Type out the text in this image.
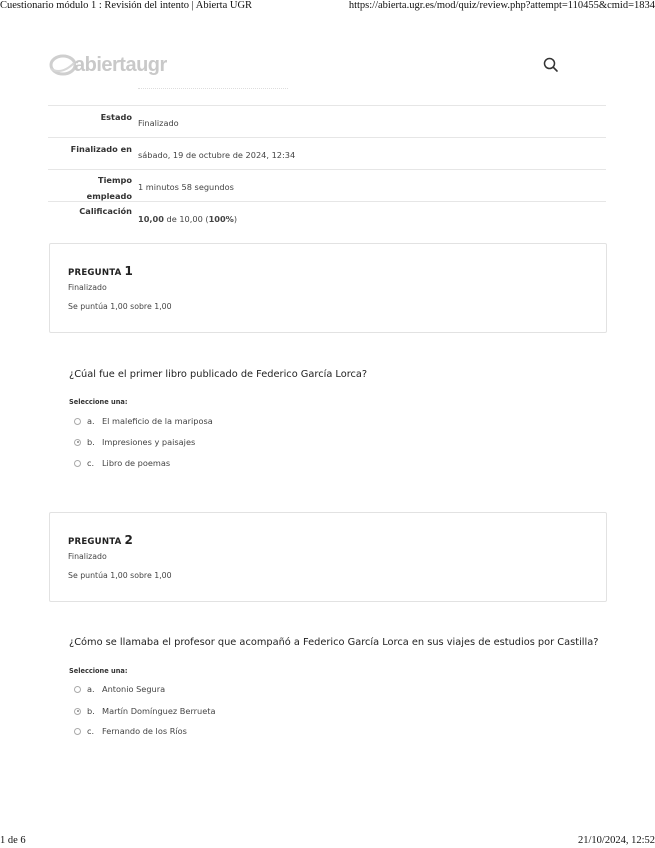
Cuestionario módulo 1 : Revisión del intento | Abierta UGR	https://abierta.ugr.es/mod/quiz/review.php?attempt=110455&cmid=1834
abiertaugr
Estado
Finalizado
Finalizado en
sábado, 19 de octubre de 2024, 12:34
Tiempo
empleado
1 minutos 58 segundos
Calificación
10,00 de 10,00 (100%)
PREGUNTA 1
Finalizado
Se puntúa 1,00 sobre 1,00
¿Cúal fue el primer libro publicado de Federico García Lorca?
Seleccione una:
a. El maleficio de la mariposa
b. Impresiones y paisajes
c. Libro de poemas
PREGUNTA 2
Finalizado
Se puntúa 1,00 sobre 1,00
¿Cómo se llamaba el profesor que acompañó a Federico García Lorca en sus viajes de estudios por Castilla?
Seleccione una:
a. Antonio Segura
b. Martín Domínguez Berrueta
c. Fernando de los Ríos
1 de 6	21/10/2024, 12:52
